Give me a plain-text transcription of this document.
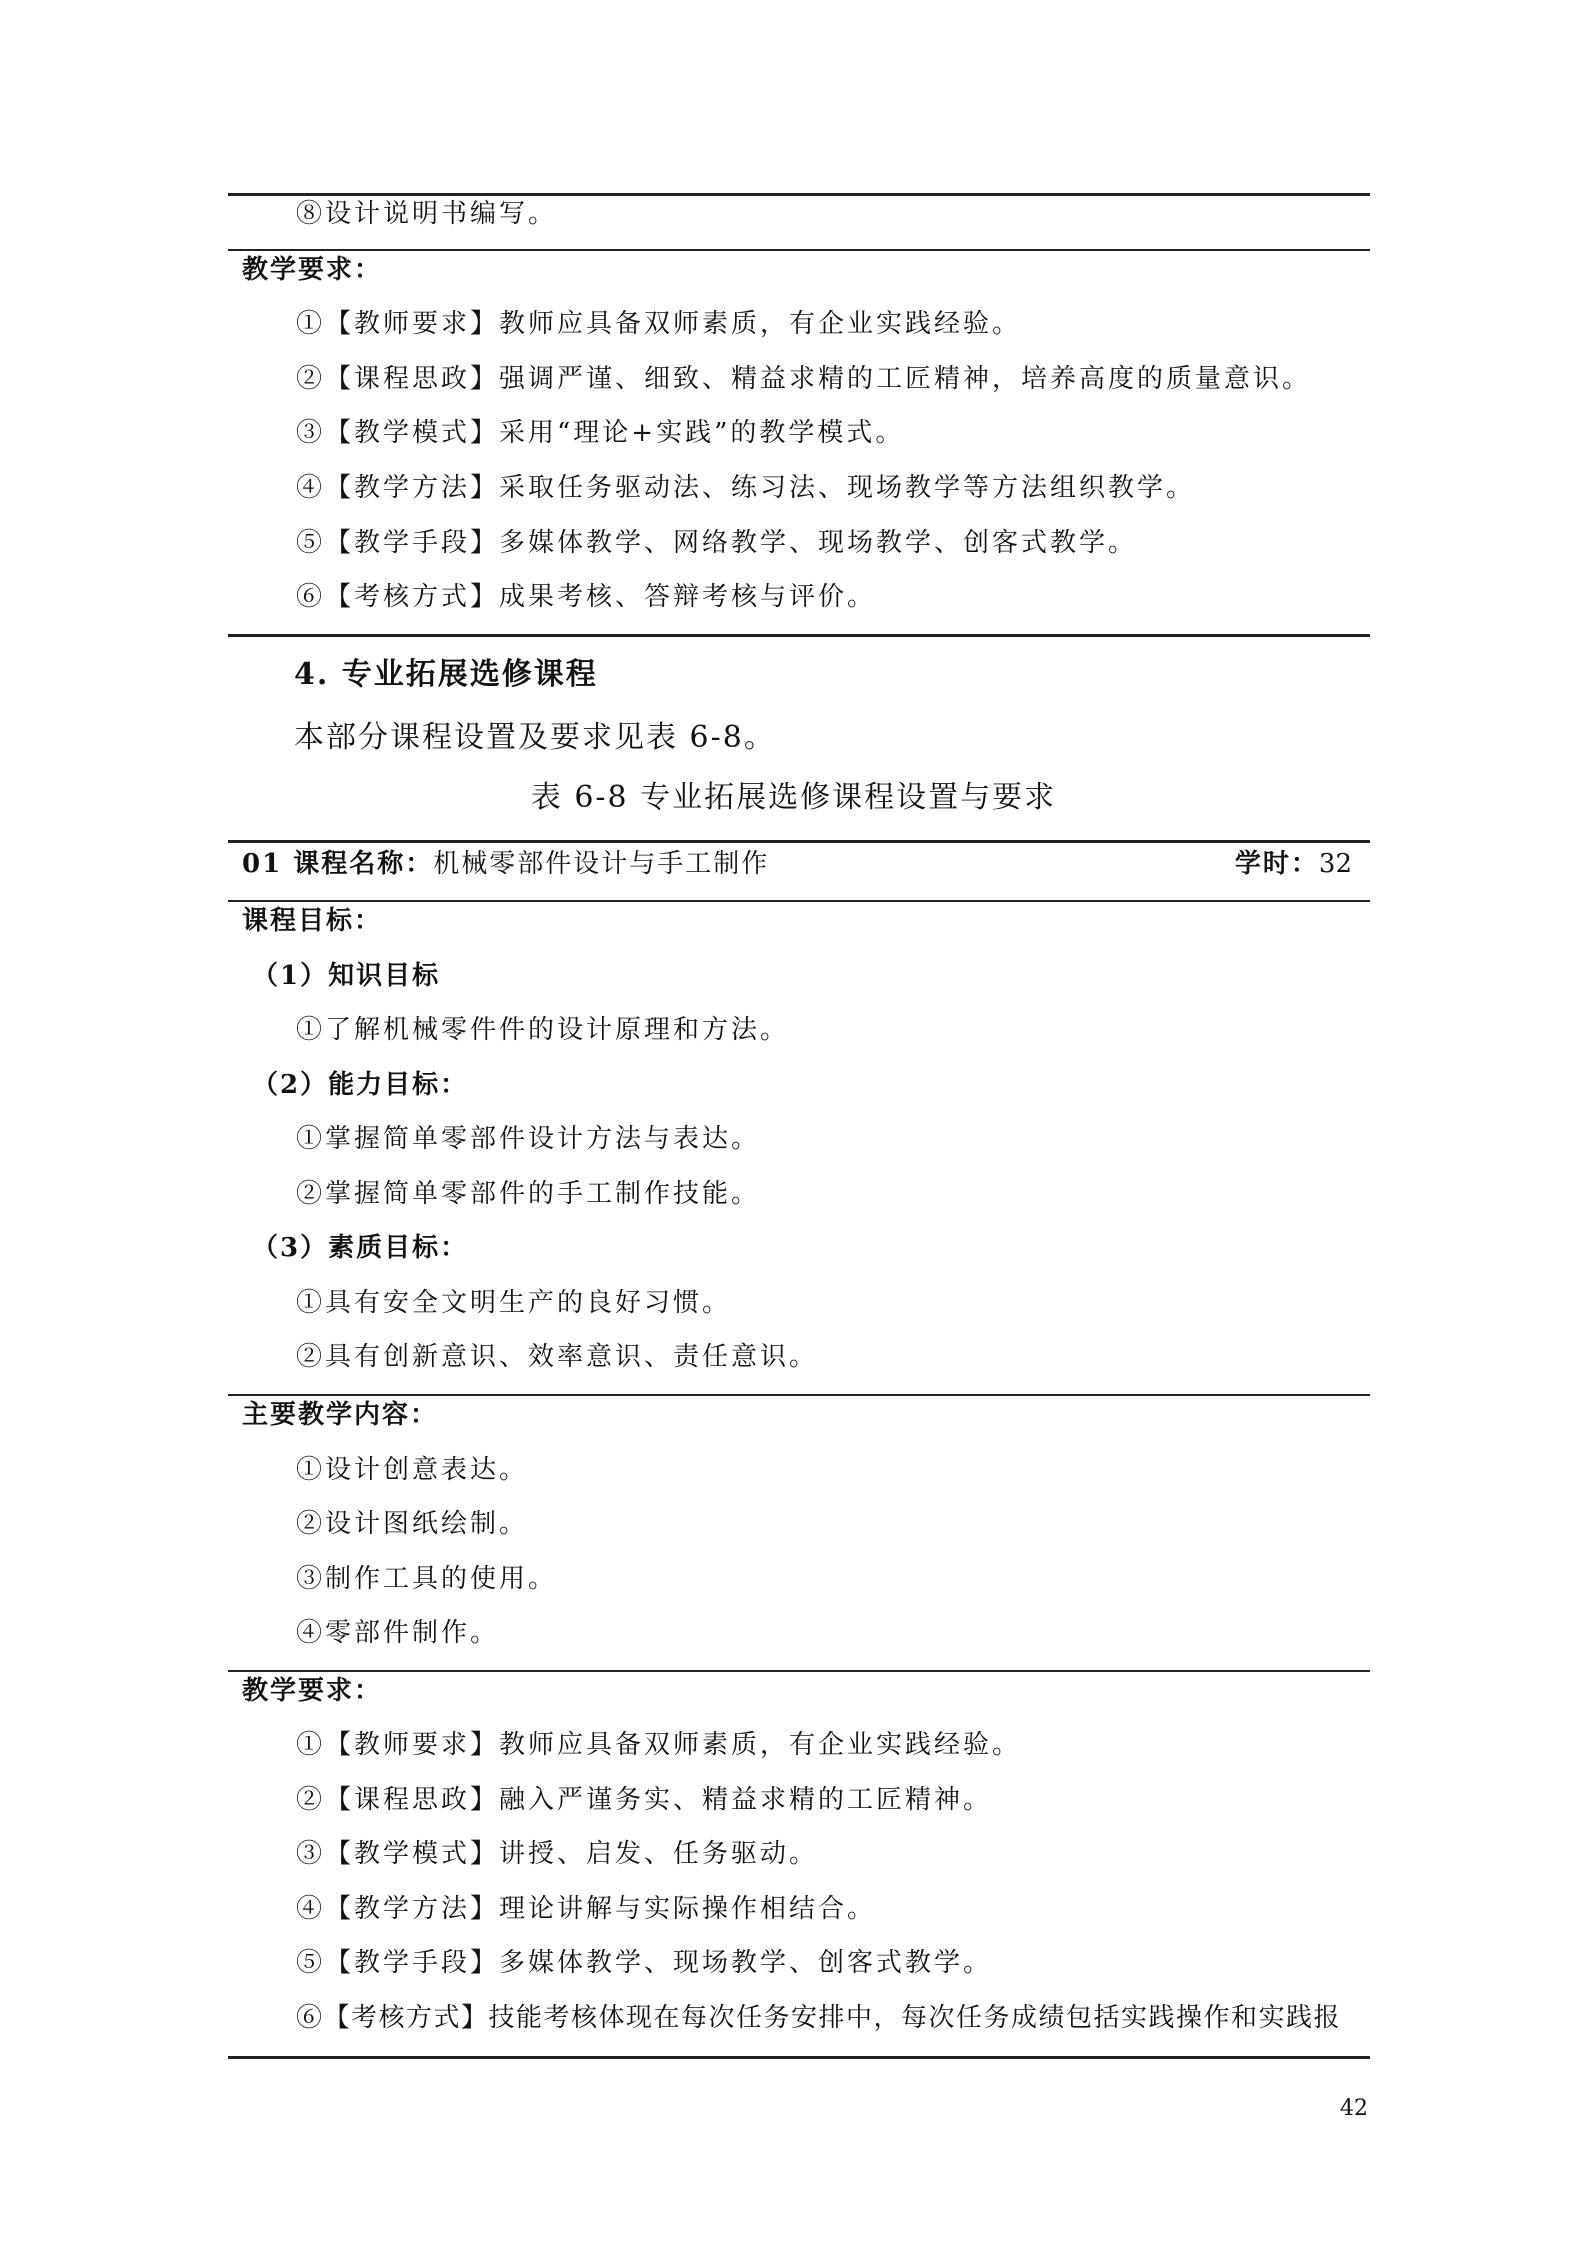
⑧设计说明书编写。
教学要求：
①【教师要求】教师应具备双师素质，有企业实践经验。
②【课程思政】强调严谨、细致、精益求精的工匠精神，培养高度的质量意识。
③【教学模式】采用“理论+实践”的教学模式。
④【教学方法】采取任务驱动法、练习法、现场教学等方法组织教学。
⑤【教学手段】多媒体教学、网络教学、现场教学、创客式教学。
⑥【考核方式】成果考核、答辩考核与评价。
4. 专业拓展选修课程
本部分课程设置及要求见表 6-8。
表 6-8 专业拓展选修课程设置与要求
01 课程名称：机械零部件设计与手工制作	学时：32
课程目标：
（1）知识目标
①了解机械零件件的设计原理和方法。
（2）能力目标：
①掌握简单零部件设计方法与表达。
②掌握简单零部件的手工制作技能。
（3）素质目标：
①具有安全文明生产的良好习惯。
②具有创新意识、效率意识、责任意识。
主要教学内容：
①设计创意表达。
②设计图纸绘制。
③制作工具的使用。
④零部件制作。
教学要求：
①【教师要求】教师应具备双师素质，有企业实践经验。
②【课程思政】融入严谨务实、精益求精的工匠精神。
③【教学模式】讲授、启发、任务驱动。
④【教学方法】理论讲解与实际操作相结合。
⑤【教学手段】多媒体教学、现场教学、创客式教学。
⑥【考核方式】技能考核体现在每次任务安排中，每次任务成绩包括实践操作和实践报
42
